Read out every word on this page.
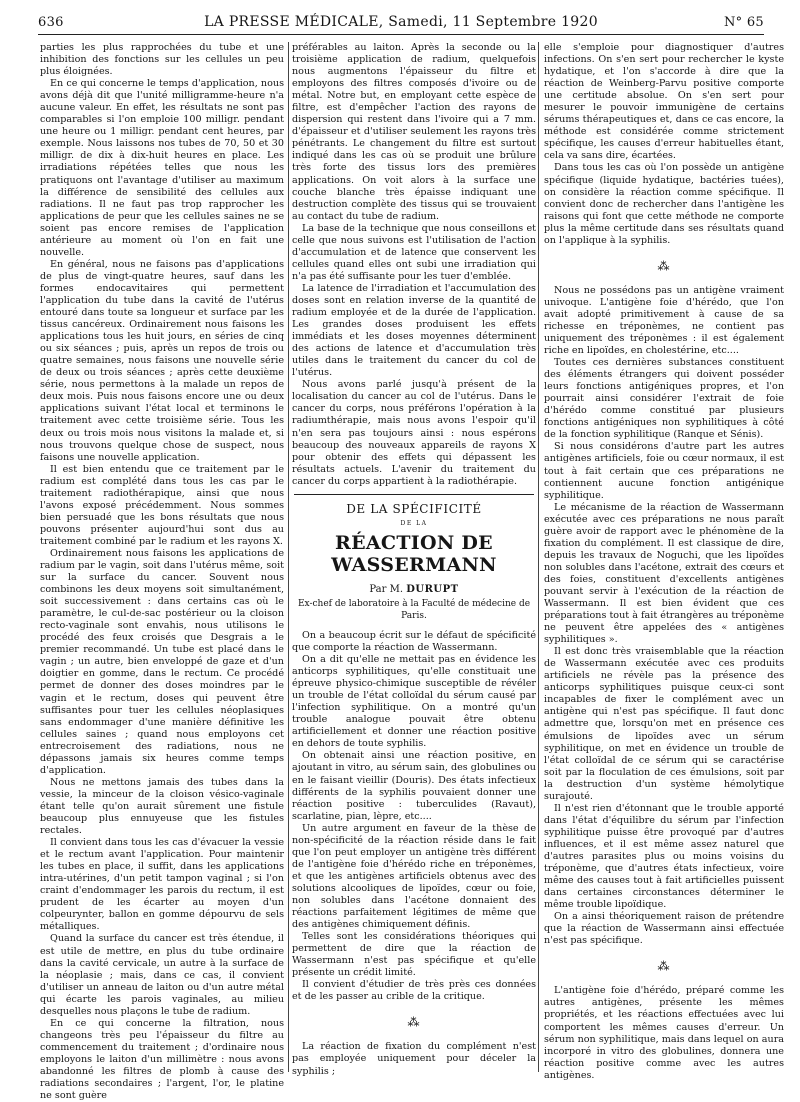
636	LA PRESSE MÉDICALE, Samedi, 11 Septembre 1920	N° 65

parties les plus rapprochées du tube et une inhibition des fonctions sur les cellules un peu plus éloignées.

En ce qui concerne le temps d'application, nous avons déjà dit que l'unité milligramme-heure n'a aucune valeur. En effet, les résultats ne sont pas comparables si l'on emploie 100 milligr. pendant une heure ou 1 milligr. pendant cent heures, par exemple. Nous laissons nos tubes de 70, 50 et 30 milligr. de dix à dix-huit heures en place. Les irradiations répétées telles que nous les pratiquons ont l'avantage d'utiliser au maximum la différence de sensibilité des cellules aux radiations. Il ne faut pas trop rapprocher les applications de peur que les cellules saines ne se soient pas encore remises de l'application antérieure au moment où l'on en fait une nouvelle.

En général, nous ne faisons pas d'applications de plus de vingt-quatre heures, sauf dans les formes endocavitaires qui permettent l'application du tube dans la cavité de l'utérus entouré dans toute sa longueur et surface par les tissus cancéreux. Ordinairement nous faisons les applications tous les huit jours, en séries de cinq ou six séances ; puis, après un repos de trois ou quatre semaines, nous faisons une nouvelle série de deux ou trois séances ; après cette deuxième série, nous permettons à la malade un repos de deux mois. Puis nous faisons encore une ou deux applications suivant l'état local et terminons le traitement avec cette troisième série. Tous les deux ou trois mois nous visitons la malade et, si nous trouvons quelque chose de suspect, nous faisons une nouvelle application.

Il est bien entendu que ce traitement par le radium est complété dans tous les cas par le traitement radiothérapique, ainsi que nous l'avons exposé précédemment. Nous sommes bien persuadé que les bons résultats que nous pouvons présenter aujourd'hui sont dus au traitement combiné par le radium et les rayons X.

Ordinairement nous faisons les applications de radium par le vagin, soit dans l'utérus même, soit sur la surface du cancer. Souvent nous combinons les deux moyens soit simultanément, soit successivement : dans certains cas où le paramètre, le cul-de-sac postérieur ou la cloison recto-vaginale sont envahis, nous utilisons le procédé des feux croisés que Desgrais a le premier recommandé. Un tube est placé dans le vagin ; un autre, bien enveloppé de gaze et d'un doigtier en gomme, dans le rectum. Ce procédé permet de donner des doses moindres par le vagin et le rectum, doses qui peuvent être suffisantes pour tuer les cellules néoplasiques sans endommager d'une manière définitive les cellules saines ; quand nous employons cet entrecroisement des radiations, nous ne dépassons jamais six heures comme temps d'application.

Nous ne mettons jamais des tubes dans la vessie, la minceur de la cloison vésico-vaginale étant telle qu'on aurait sûrement une fistule beaucoup plus ennuyeuse que les fistules rectales.

Il convient dans tous les cas d'évacuer la vessie et le rectum avant l'application. Pour maintenir les tubes en place, il suffit, dans les applications intra-utérines, d'un petit tampon vaginal ; si l'on craint d'endommager les parois du rectum, il est prudent de les écarter au moyen d'un colpeurynter, ballon en gomme dépourvu de sels métalliques.

Quand la surface du cancer est très étendue, il est utile de mettre, en plus du tube ordinaire dans la cavité cervicale, un autre à la surface de la néoplasie ; mais, dans ce cas, il convient d'utiliser un anneau de laiton ou d'un autre métal qui écarte les parois vaginales, au milieu desquelles nous plaçons le tube de radium.

En ce qui concerne la filtration, nous changeons très peu l'épaisseur du filtre au commencement du traitement ; d'ordinaire nous employons le laiton d'un millimètre : nous avons abandonné les filtres de plomb à cause des radiations secondaires ; l'argent, l'or, le platine ne sont guère

préférables au laiton. Après la seconde ou la troisième application de radium, quelquefois nous augmentons l'épaisseur du filtre et employons des filtres composés d'ivoire ou de métal. Notre but, en employant cette espèce de filtre, est d'empêcher l'action des rayons de dispersion qui restent dans l'ivoire qui a 7 mm. d'épaisseur et d'utiliser seulement les rayons très pénétrants. Le changement du filtre est surtout indiqué dans les cas où se produit une brûlure très forte des tissus lors des premières applications. On voit alors à la surface une couche blanche très épaisse indiquant une destruction complète des tissus qui se trouvaient au contact du tube de radium.

La base de la technique que nous conseillons et celle que nous suivons est l'utilisation de l'action d'accumulation et de latence que conservent les cellules quand elles ont subi une irradiation qui n'a pas été suffisante pour les tuer d'emblée.

La latence de l'irradiation et l'accumulation des doses sont en relation inverse de la quantité de radium employée et de la durée de l'application. Les grandes doses produisent les effets immédiats et les doses moyennes déterminent des actions de latence et d'accumulation très utiles dans le traitement du cancer du col de l'utérus.

Nous avons parlé jusqu'à présent de la localisation du cancer au col de l'utérus. Dans le cancer du corps, nous préférons l'opération à la radiumthérapie, mais nous avons l'espoir qu'il n'en sera pas toujours ainsi : nous espérons beaucoup des nouveaux appareils de rayons X pour obtenir des effets qui dépassent les résultats actuels. L'avenir du traitement du cancer du corps appartient à la radiothérapie.

DE LA SPÉCIFICITÉ
DE LA
RÉACTION DE WASSERMANN
Par M. DURUPT
Ex-chef de laboratoire à la Faculté de médecine de Paris.

On a beaucoup écrit sur le défaut de spécificité que comporte la réaction de Wassermann.

On a dit qu'elle ne mettait pas en évidence les anticorps syphilitiques, qu'elle constituait une épreuve physico-chimique susceptible de révéler un trouble de l'état colloïdal du sérum causé par l'infection syphilitique. On a montré qu'un trouble analogue pouvait être obtenu artificiellement et donner une réaction positive en dehors de toute syphilis.

On obtenait ainsi une réaction positive, en ajoutant in vitro, au sérum sain, des globulines ou en le faisant vieillir (Douris). Des états infectieux différents de la syphilis pouvaient donner une réaction positive : tuberculides (Ravaut), scarlatine, pian, lèpre, etc....

Un autre argument en faveur de la thèse de non-spécificité de la réaction réside dans le fait que l'on peut employer un antigène très différent de l'antigène foie d'hérédo riche en tréponèmes, et que les antigènes artificiels obtenus avec des solutions alcooliques de lipoïdes, cœur ou foie, non solubles dans l'acétone donnaient des réactions parfaitement légitimes de même que des antigènes chimiquement définis.

Telles sont les considérations théoriques qui permettent de dire que la réaction de Wassermann n'est pas spécifique et qu'elle présente un crédit limité.

Il convient d'étudier de très près ces données et de les passer au crible de la critique.

⁂

La réaction de fixation du complément n'est pas employée uniquement pour déceler la syphilis ;

elle s'emploie pour diagnostiquer d'autres infections. On s'en sert pour rechercher le kyste hydatique, et l'on s'accorde à dire que la réaction de Weinberg-Parvu positive comporte une certitude absolue. On s'en sert pour mesurer le pouvoir immunigène de certains sérums thérapeutiques et, dans ce cas encore, la méthode est considérée comme strictement spécifique, les causes d'erreur habituelles étant, cela va sans dire, écartées.

Dans tous les cas où l'on possède un antigène spécifique (liquide hydatique, bactéries tuées), on considère la réaction comme spécifique. Il convient donc de rechercher dans l'antigène les raisons qui font que cette méthode ne comporte plus la même certitude dans ses résultats quand on l'applique à la syphilis.

⁂

Nous ne possédons pas un antigène vraiment univoque. L'antigène foie d'hérédo, que l'on avait adopté primitivement à cause de sa richesse en tréponèmes, ne contient pas uniquement des tréponèmes : il est également riche en lipoïdes, en cholestérine, etc....

Toutes ces dernières substances constituent des éléments étrangers qui doivent posséder leurs fonctions antigéniques propres, et l'on pourrait ainsi considérer l'extrait de foie d'hérédo comme constitué par plusieurs fonctions antigéniques non syphilitiques à côté de la fonction syphilitique (Ranque et Sénis).

Si nous considérons d'autre part les autres antigènes artificiels, foie ou cœur normaux, il est tout à fait certain que ces préparations ne contiennent aucune fonction antigénique syphilitique.

Le mécanisme de la réaction de Wassermann exécutée avec ces préparations ne nous paraît guère avoir de rapport avec le phénomène de la fixation du complément. Il est classique de dire, depuis les travaux de Noguchi, que les lipoïdes non solubles dans l'acétone, extrait des cœurs et des foies, constituent d'excellents antigènes pouvant servir à l'exécution de la réaction de Wassermann. Il est bien évident que ces préparations tout à fait étrangères au tréponème ne peuvent être appelées des « antigènes syphilitiques ».

Il est donc très vraisemblable que la réaction de Wassermann exécutée avec ces produits artificiels ne révèle pas la présence des anticorps syphilitiques puisque ceux-ci sont incapables de fixer le complément avec un antigène qui n'est pas spécifique. Il faut donc admettre que, lorsqu'on met en présence ces émulsions de lipoïdes avec un sérum syphilitique, on met en évidence un trouble de l'état colloïdal de ce sérum qui se caractérise soit par la floculation de ces émulsions, soit par la destruction d'un système hémolytique surajouté.

Il n'est rien d'étonnant que le trouble apporté dans l'état d'équilibre du sérum par l'infection syphilitique puisse être provoqué par d'autres influences, et il est même assez naturel que d'autres parasites plus ou moins voisins du tréponème, que d'autres états infectieux, voire même des causes tout à fait artificielles puissent dans certaines circonstances déterminer le même trouble lipoïdique.

On a ainsi théoriquement raison de prétendre que la réaction de Wassermann ainsi effectuée n'est pas spécifique.

⁂

L'antigène foie d'hérédo, préparé comme les autres antigènes, présente les mêmes propriétés, et les réactions effectuées avec lui comportent les mêmes causes d'erreur. Un sérum non syphilitique, mais dans lequel on aura incorporé in vitro des globulines, donnera une réaction positive comme avec les autres antigènes.
